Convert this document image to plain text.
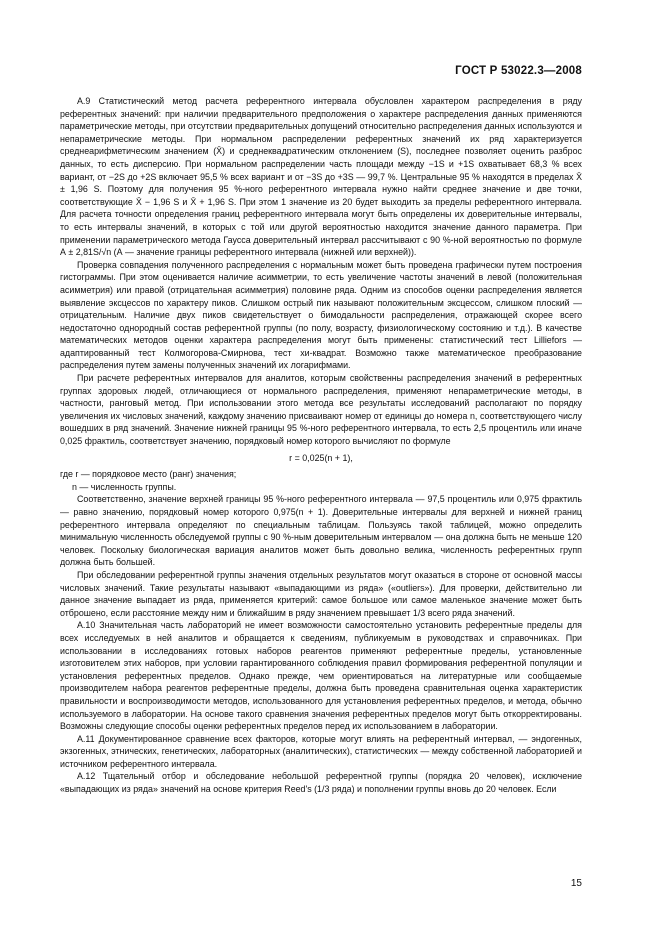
ГОСТ Р 53022.3—2008

А.9 Статистический метод расчета референтного интервала обусловлен характером распределения в ряду референтных значений: при наличии предварительного предположения о характере распределения данных применяются параметрические методы, при отсутствии предварительных допущений относительно распределения данных используются и непараметрические методы. При нормальном распределении референтных значений их ряд характеризуется среднеарифметическим значением (X̄) и среднеквадратическим отклонением (S), последнее позволяет оценить разброс данных, то есть дисперсию. При нормальном распределении часть площади между −1S и +1S охватывает 68,3 % всех вариант, от −2S до +2S включает 95,5 % всех вариант и от −3S до +3S — 99,7 %. Центральные 95 % находятся в пределах X̄ ± 1,96 S. Поэтому для получения 95 %-ного референтного интервала нужно найти среднее значение и две точки, соответствующие X̄ − 1,96 S и X̄ + 1,96 S. При этом 1 значение из 20 будет выходить за пределы референтного интервала. Для расчета точности определения границ референтного интервала могут быть определены их доверительные интервалы, то есть интервалы значений, в которых с той или другой вероятностью находится значение данного параметра. При применении параметрического метода Гаусса доверительный интервал рассчитывают с 90 %-ной вероятностью по формуле А ± 2,81S/√n (А — значение границы референтного интервала (нижней или верхней)).

Проверка совпадения полученного распределения с нормальным может быть проведена графически путем построения гистограммы. При этом оценивается наличие асимметрии, то есть увеличение частоты значений в левой (положительная асимметрия) или правой (отрицательная асимметрия) половине ряда. Одним из способов оценки распределения является выявление эксцессов по характеру пиков. Слишком острый пик называют положительным эксцессом, слишком плоский — отрицательным. Наличие двух пиков свидетельствует о бимодальности распределения, отражающей скорее всего недостаточно однородный состав референтной группы (по полу, возрасту, физиологическому состоянию и т.д.). В качестве математических методов оценки характера распределения могут быть применены: статистический тест Lilliefors — адаптированный тест Колмогорова-Смирнова, тест хи-квадрат. Возможно также математическое преобразование распределения путем замены полученных значений их логарифмами.

При расчете референтных интервалов для аналитов, которым свойственны распределения значений в референтных группах здоровых людей, отличающиеся от нормального распределения, применяют непараметрические методы, в частности, ранговый метод. При использовании этого метода все результаты исследований располагают по порядку увеличения их числовых значений, каждому значению присваивают номер от единицы до номера n, соответствующего числу вошедших в ряд значений. Значение нижней границы 95 %-ного референтного интервала, то есть 2,5 процентиль или иначе 0,025 фрактиль, соответствует значению, порядковый номер которого вычисляют по формуле

r = 0,025(n + 1),

где r — порядковое место (ранг) значения;

n — численность группы.

Соответственно, значение верхней границы 95 %-ного референтного интервала — 97,5 процентиль или 0,975 фрактиль — равно значению, порядковый номер которого 0,975(n + 1). Доверительные интервалы для верхней и нижней границ референтного интервала определяют по специальным таблицам. Пользуясь такой таблицей, можно определить минимальную численность обследуемой группы с 90 %-ным доверительным интервалом — она должна быть не меньше 120 человек. Поскольку биологическая вариация аналитов может быть довольно велика, численность референтных групп должна быть большей.

При обследовании референтной группы значения отдельных результатов могут оказаться в стороне от основной массы числовых значений. Такие результаты называют «выпадающими из ряда» («outliers»). Для проверки, действительно ли данное значение выпадает из ряда, применяется критерий: самое большое или самое маленькое значение может быть отброшено, если расстояние между ним и ближайшим в ряду значением превышает 1/3 всего ряда значений.

А.10 Значительная часть лабораторий не имеет возможности самостоятельно установить референтные пределы для всех исследуемых в ней аналитов и обращается к сведениям, публикуемым в руководствах и справочниках. При использовании в исследованиях готовых наборов реагентов применяют референтные пределы, установленные изготовителем этих наборов, при условии гарантированного соблюдения правил формирования референтной популяции и установления референтных пределов. Однако прежде, чем ориентироваться на литературные или сообщаемые производителем набора реагентов референтные пределы, должна быть проведена сравнительная оценка характеристик правильности и воспроизводимости методов, использованного для установления референтных пределов, и метода, обычно используемого в лаборатории. На основе такого сравнения значения референтных пределов могут быть откорректированы. Возможны следующие способы оценки референтных пределов перед их использованием в лаборатории.

А.11 Документированное сравнение всех факторов, которые могут влиять на референтный интервал, — эндогенных, экзогенных, этнических, генетических, лабораторных (аналитических), статистических — между собственной лабораторией и источником референтного интервала.

А.12 Тщательный отбор и обследование небольшой референтной группы (порядка 20 человек), исключение «выпадающих из ряда» значений на основе критерия Reed's (1/3 ряда) и пополнении группы вновь до 20 человек. Если

15
